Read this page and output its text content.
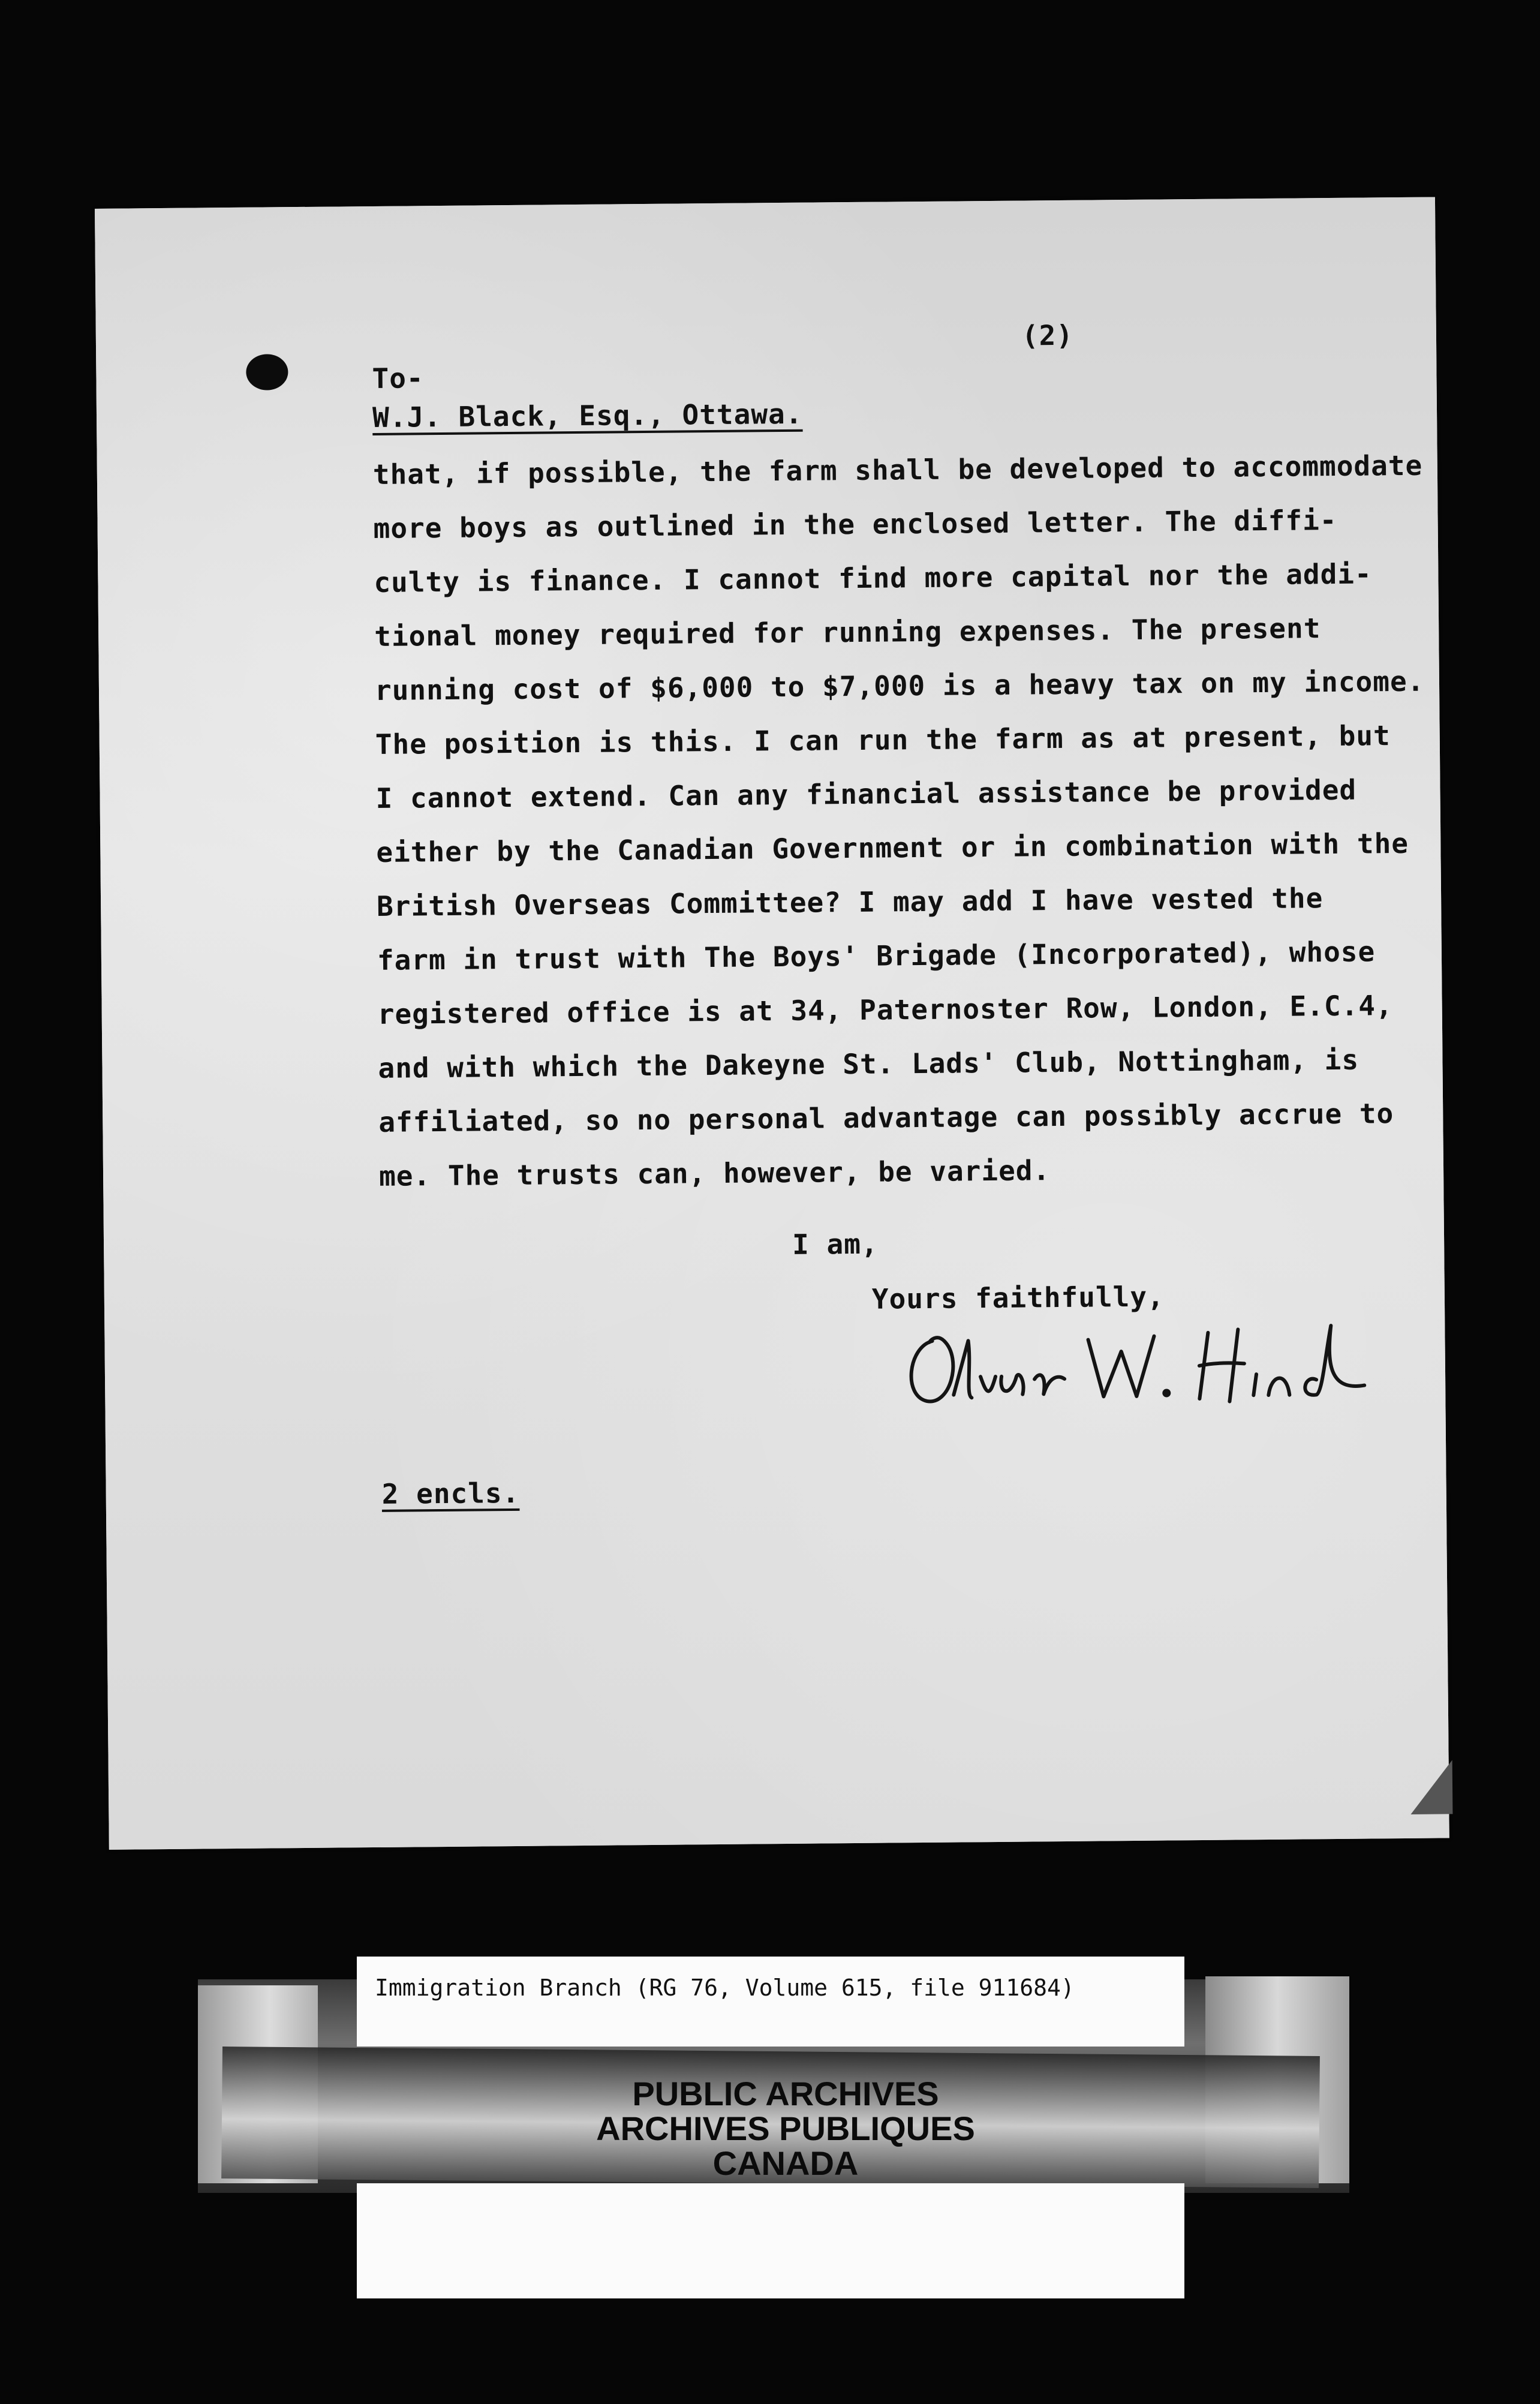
(2)
To-
W.J. Black, Esq., Ottawa.
that, if possible, the farm shall be developed to accommodate
more boys as outlined in the enclosed letter. The diffi-
culty is finance. I cannot find more capital nor the addi-
tional money required for running expenses. The present
running cost of $6,000 to $7,000 is a heavy tax on my income.
The position is this. I can run the farm as at present, but
I cannot extend. Can any financial assistance be provided
either by the Canadian Government or in combination with the
British Overseas Committee? I may add I have vested the
farm in trust with The Boys' Brigade (Incorporated), whose
registered office is at 34, Paternoster Row, London, E.C.4,
and with which the Dakeyne St. Lads' Club, Nottingham, is
affiliated, so no personal advantage can possibly accrue to
me. The trusts can, however, be varied.
I am,
Yours faithfully,
2 encls.
Immigration Branch (RG 76, Volume 615, file 911684)
PUBLIC ARCHIVES
ARCHIVES PUBLIQUES
CANADA
